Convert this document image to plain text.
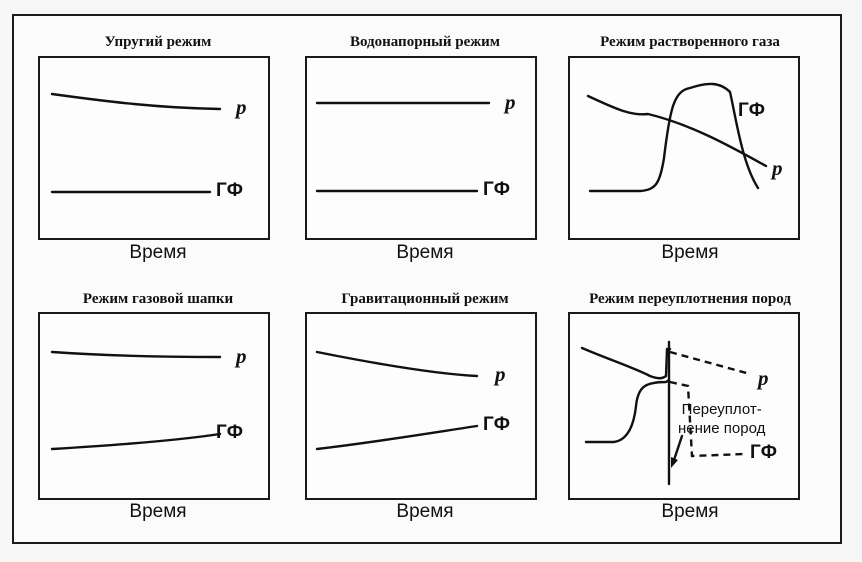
Упругий режим
p
ГФ
Время
Водонапорный режим
p
ГФ
Время
Режим растворенного газа
ГФ
p
Время
Режим газовой шапки
p
ГФ
Время
Гравитационный режим
p
ГФ
Время
Режим переуплотнения пород
p
ГФ
Переуплот-
нение пород
Время
